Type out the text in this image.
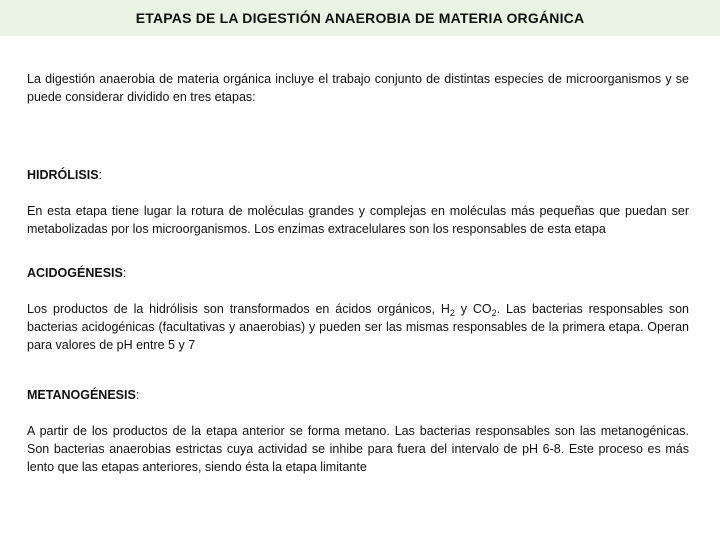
ETAPAS DE LA DIGESTIÓN ANAEROBIA DE MATERIA ORGÁNICA

La digestión anaerobia de materia orgánica incluye el trabajo conjunto de distintas especies de microorganismos y se puede considerar dividido en tres etapas:

HIDRÓLISIS:

En esta etapa tiene lugar la rotura de moléculas grandes y complejas en moléculas más pequeñas que puedan ser metabolizadas por los microorganismos. Los enzimas extracelulares son los responsables de esta etapa

ACIDOGÉNESIS:

Los productos de la hidrólisis son transformados en ácidos orgánicos, $H_2$ y $CO_2$. Las bacterias responsables son bacterias acidogénicas (facultativas y anaerobias) y pueden ser las mismas responsables de la primera etapa. Operan para valores de pH entre 5 y 7

METANOGÉNESIS:

A partir de los productos de la etapa anterior se forma metano. Las bacterias responsables son las metanogénicas. Son bacterias anaerobias estrictas cuya actividad se inhibe para fuera del intervalo de pH 6-8. Este proceso es más lento que las etapas anteriores, siendo ésta la etapa limitante
